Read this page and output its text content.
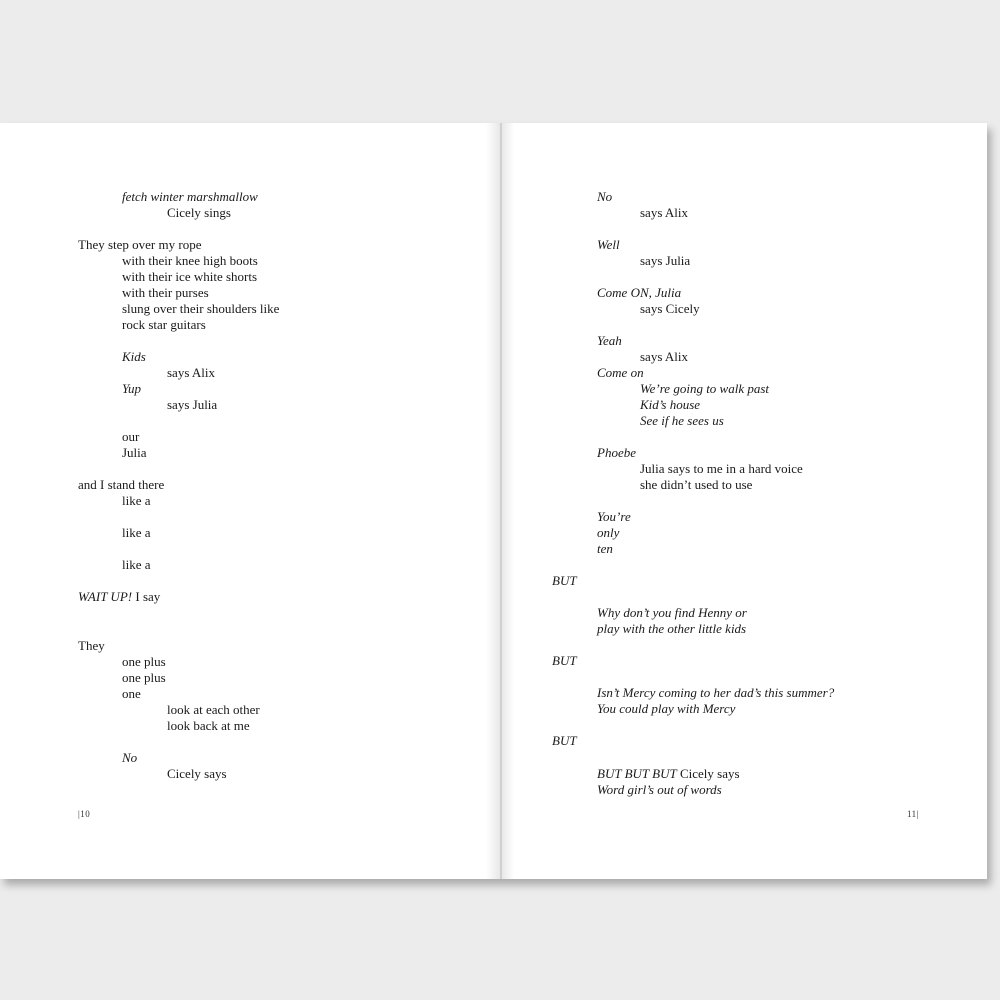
fetch winter marshmallow

Cicely sings

They step over my rope

with their knee high boots

with their ice white shorts

with their purses

slung over their shoulders like

rock star guitars

Kids

says Alix

Yup

says Julia

our

Julia

and I stand there

like a

like a

like a

WAIT UP! I say

They

one plus

one plus

one

look at each other

look back at me

No

Cicely says

|10

No

says Alix

Well

says Julia

Come ON, Julia

says Cicely

Yeah

says Alix

Come on

We’re going to walk past

Kid’s house

See if he sees us

Phoebe

Julia says to me in a hard voice

she didn’t used to use

You’re

only

ten

BUT

Why don’t you find Henny or

play with the other little kids

BUT

Isn’t Mercy coming to her dad’s this summer?

You could play with Mercy

BUT

BUT BUT BUT Cicely says

Word girl’s out of words

11|
